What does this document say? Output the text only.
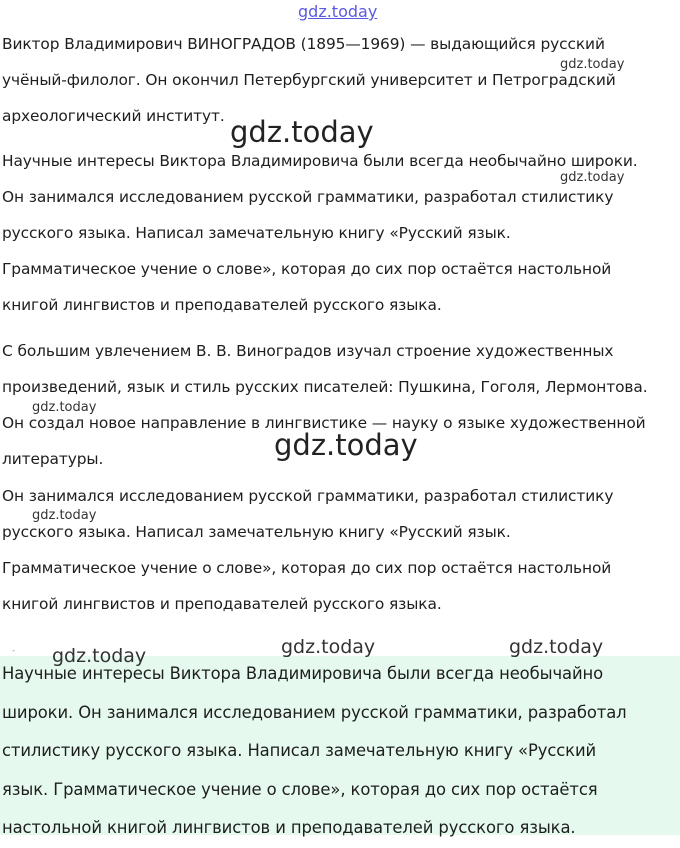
gdz.today
Виктор Владимирович ВИНОГРАДОВ (1895—1969) — выдающийся русский
учёный-филолог. Он окончил Петербургский университет и Петроградский
археологический институт.
Научные интересы Виктора Владимировича были всегда необычайно широки.
Он занимался исследованием русской грамматики, разработал стилистику
русского языка. Написал замечательную книгу «Русский язык.
Грамматическое учение о слове», которая до сих пор остаётся настольной
книгой лингвистов и преподавателей русского языка.
С большим увлечением В. В. Виноградов изучал строение художественных
произведений, язык и стиль русских писателей: Пушкина, Гоголя, Лермонтова.
Он создал новое направление в лингвистике — науку о языке художественной
литературы.
Он занимался исследованием русской грамматики, разработал стилистику
русского языка. Написал замечательную книгу «Русский язык.
Грамматическое учение о слове», которая до сих пор остаётся настольной
книгой лингвистов и преподавателей русского языка.
Научные интересы Виктора Владимировича были всегда необычайно
широки. Он занимался исследованием русской грамматики, разработал
стилистику русского языка. Написал замечательную книгу «Русский
язык. Грамматическое учение о слове», которая до сих пор остаётся
настольной книгой лингвистов и преподавателей русского языка.
gdz.today
gdz.today
gdz.today
gdz.today
gdz.today
gdz.today
gdz.today	gdz.today	gdz.today
-
